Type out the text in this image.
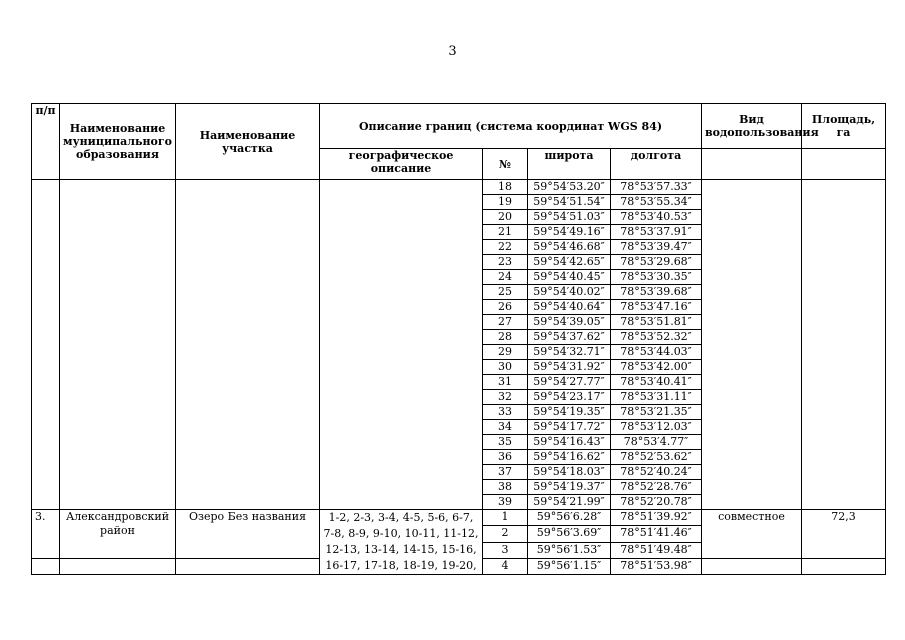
3
п/п	Наименование муниципального образования	Наименование участка	Описание границ (система координат WGS 84)				Вид водопользования	Площадь, га
			географическое описание	№	широта	долгота		
				18	59°54′53.20″	78°53′57.33″		
				19	59°54′51.54″	78°53′55.34″		
				20	59°54′51.03″	78°53′40.53″		
				21	59°54′49.16″	78°53′37.91″		
				22	59°54′46.68″	78°53′39.47″		
				23	59°54′42.65″	78°53′29.68″		
				24	59°54′40.45″	78°53′30.35″		
				25	59°54′40.02″	78°53′39.68″		
				26	59°54′40.64″	78°53′47.16″		
				27	59°54′39.05″	78°53′51.81″		
				28	59°54′37.62″	78°53′52.32″		
				29	59°54′32.71″	78°53′44.03″		
				30	59°54′31.92″	78°53′42.00″		
				31	59°54′27.77″	78°53′40.41″		
				32	59°54′23.17″	78°53′31.11″		
				33	59°54′19.35″	78°53′21.35″		
				34	59°54′17.72″	78°53′12.03″		
				35	59°54′16.43″	78°53′4.77″		
				36	59°54′16.62″	78°52′53.62″		
				37	59°54′18.03″	78°52′40.24″		
				38	59°54′19.37″	78°52′28.76″		
				39	59°54′21.99″	78°52′20.78″		
3.	Александровский район	Озеро Без названия	1-2, 2-3, 3-4, 4-5, 5-6, 6-7, 7-8, 8-9, 9-10, 10-11, 11-12, 12-13, 13-14, 14-15, 15-16, 16-17, 17-18, 18-19, 19-20,	1	59°56′6.28″	78°51′39.92″	совместное	72,3
				2	59°56′3.69″	78°51′41.46″		
				3	59°56′1.53″	78°51′49.48″		
				4	59°56′1.15″	78°51′53.98″		
